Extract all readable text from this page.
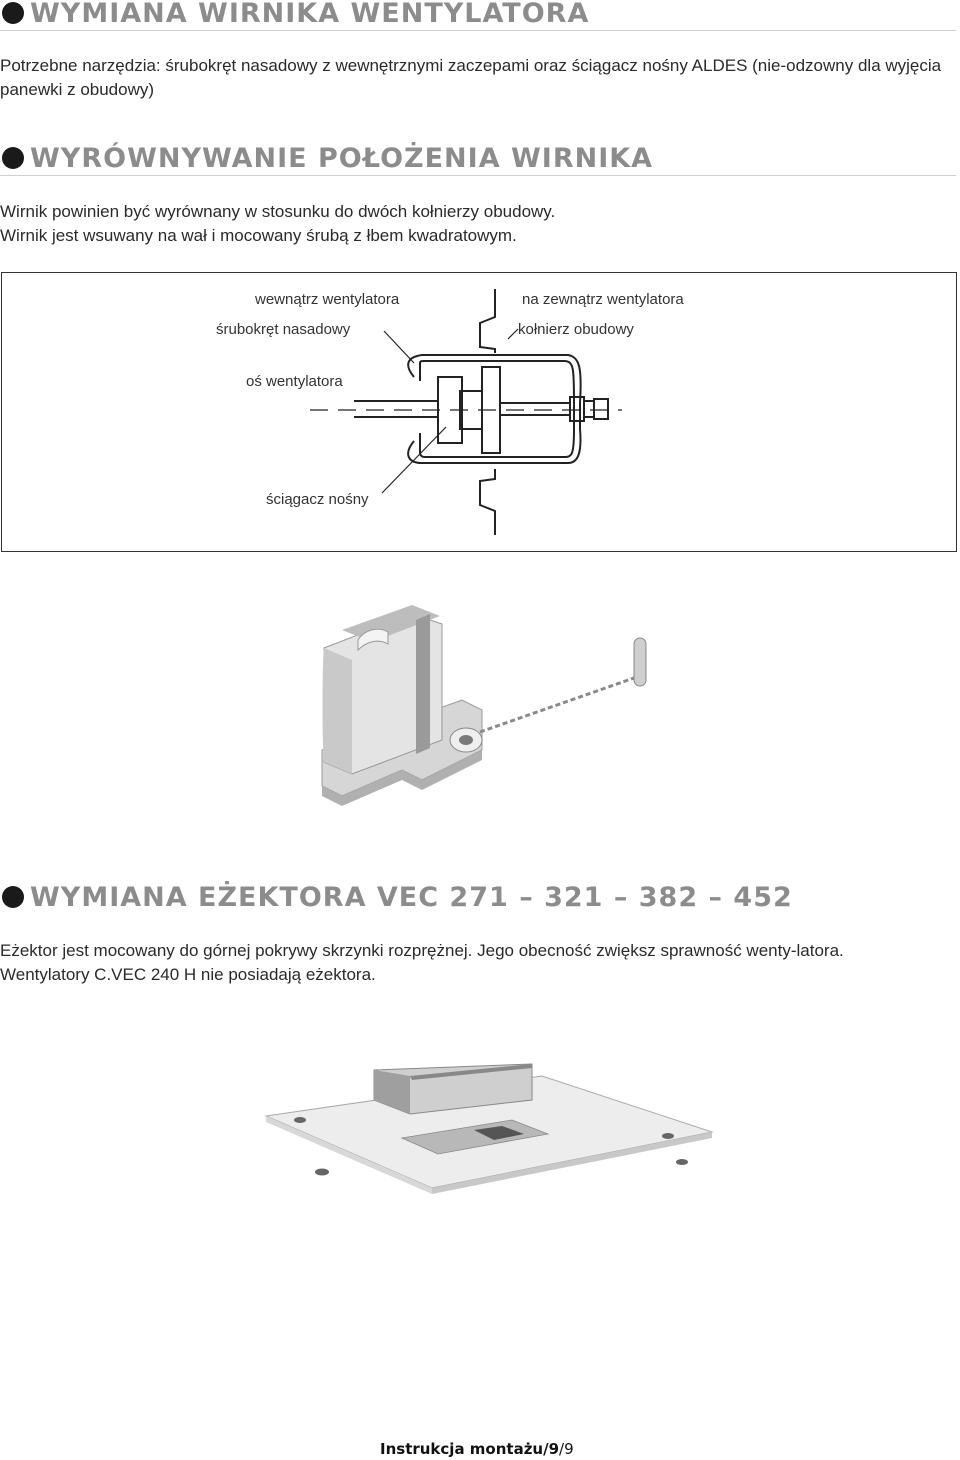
WYMIANA WIRNIKA WENTYLATORA

Potrzebne narzędzia: śrubokręt nasadowy z wewnętrznymi zaczepami oraz ściągacz nośny ALDES (nie-odzowny dla wyjęcia panewki z obudowy)

WYRÓWNYWANIE POŁOŻENIA WIRNIKA

Wirnik powinien być wyrównany w stosunku do dwóch kołnierzy obudowy.

Wirnik jest wsuwany na wał i mocowany śrubą z łbem kwadratowym.

wewnątrz wentylatora	na zewnątrz wentylatora
śrubokręt nasadowy	kołnierz obudowy
oś wentylatora
ściągacz nośny
WYMIANA EŻEKTORA VEC 271 – 321 – 382 – 452

Eżektor jest mocowany do górnej pokrywy skrzynki rozprężnej. Jego obecność zwiększ sprawność wenty-latora.

Wentylatory C.VEC 240 H nie posiadają eżektora.

Instrukcja montażu/9/9
